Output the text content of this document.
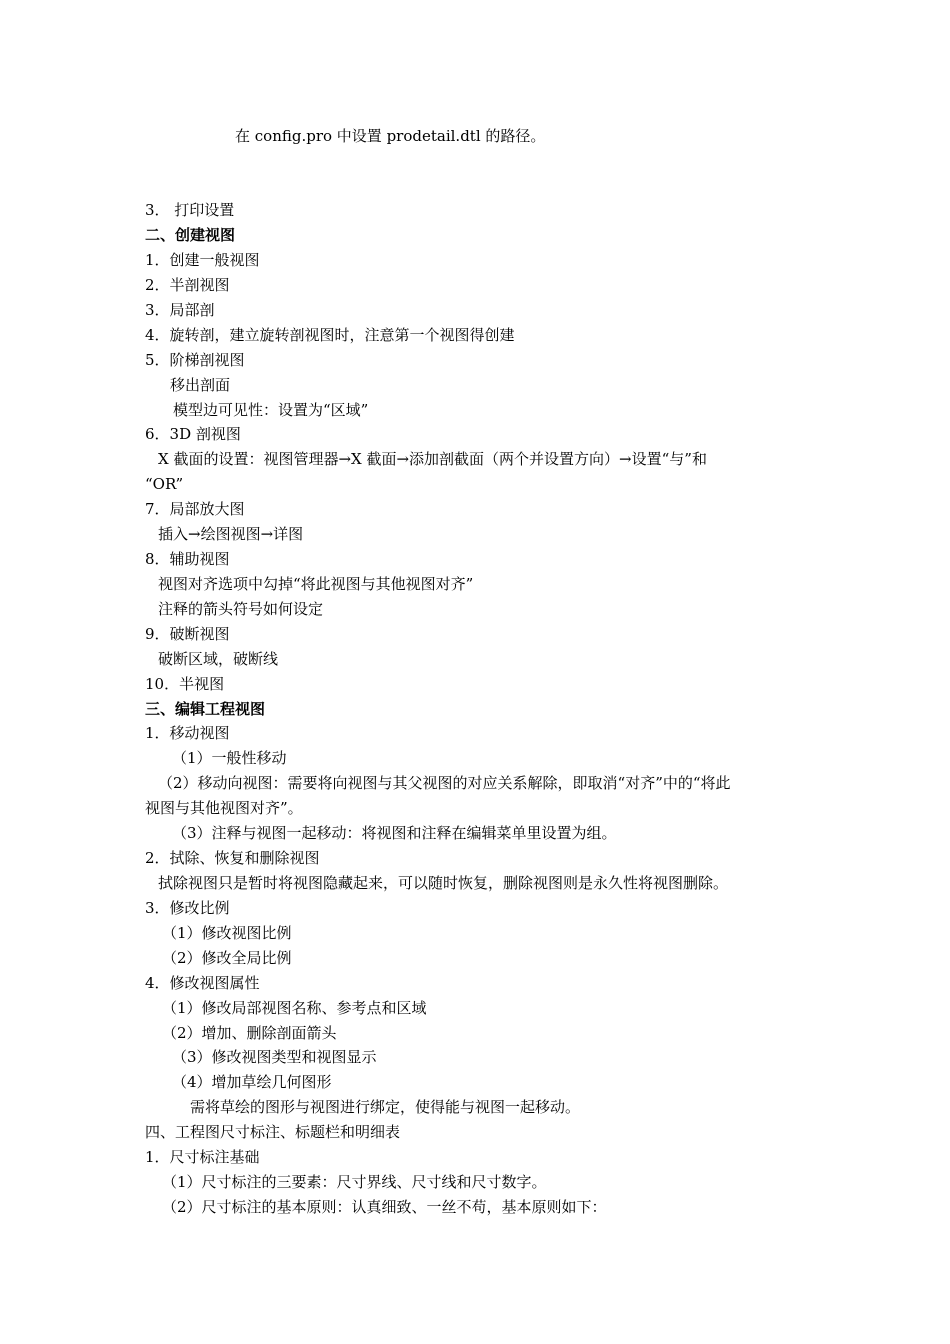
在 config.pro 中设置 prodetail.dtl 的路径。

3． 打印设置

二、创建视图

1．创建一般视图

2．半剖视图

3．局部剖

4．旋转剖，建立旋转剖视图时，注意第一个视图得创建

5．阶梯剖视图

移出剖面

模型边可见性：设置为“区域”

6．3D 剖视图

X 截面的设置：视图管理器→X 截面→添加剖截面（两个并设置方向）→设置“与”和

“OR”

7．局部放大图

插入→绘图视图→详图

8．辅助视图

视图对齐选项中勾掉“将此视图与其他视图对齐”

注释的箭头符号如何设定

9．破断视图

破断区域，破断线

10．半视图

三、编辑工程视图

1．移动视图

（1）一般性移动

（2）移动向视图：需要将向视图与其父视图的对应关系解除，即取消“对齐”中的“将此

视图与其他视图对齐”。

（3）注释与视图一起移动：将视图和注释在编辑菜单里设置为组。

2．拭除、恢复和删除视图

拭除视图只是暂时将视图隐藏起来，可以随时恢复，删除视图则是永久性将视图删除。

3．修改比例

（1）修改视图比例

（2）修改全局比例

4．修改视图属性

（1）修改局部视图名称、参考点和区域

（2）增加、删除剖面箭头

（3）修改视图类型和视图显示

（4）增加草绘几何图形

需将草绘的图形与视图进行绑定，使得能与视图一起移动。

四、工程图尺寸标注、标题栏和明细表

1．尺寸标注基础

（1）尺寸标注的三要素：尺寸界线、尺寸线和尺寸数字。

（2）尺寸标注的基本原则：认真细致、一丝不苟，基本原则如下：
